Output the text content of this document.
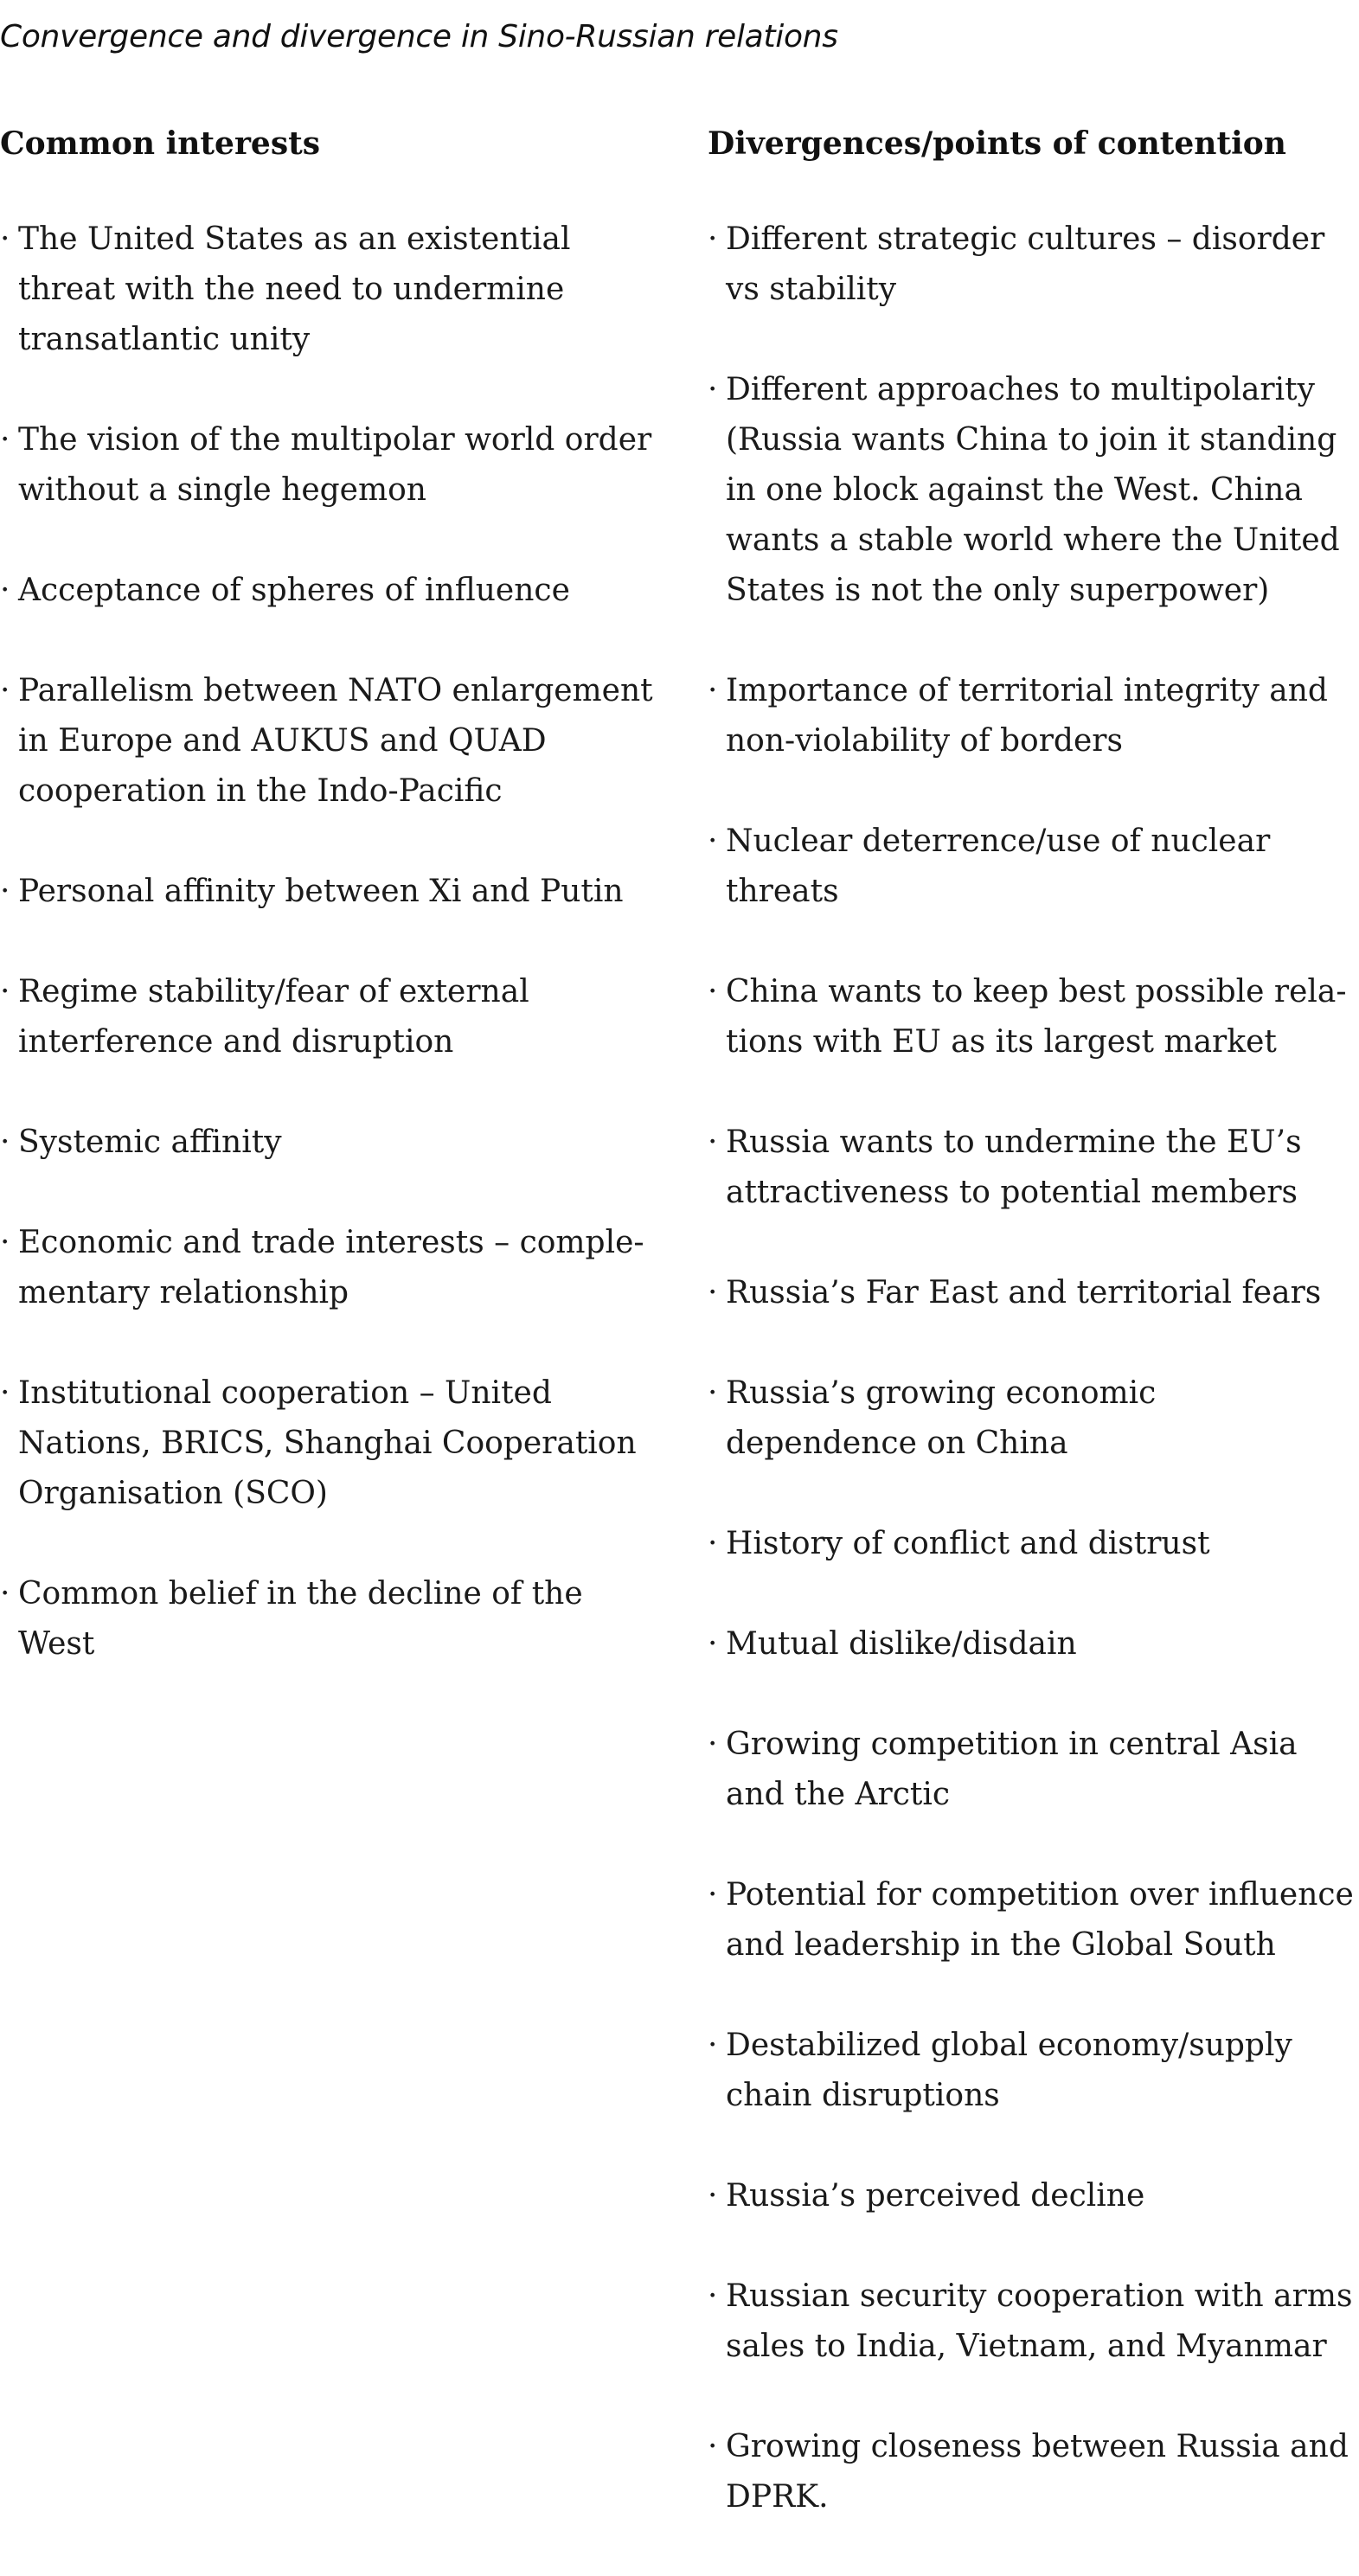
Convergence and divergence in Sino-Russian relations
Common interests
· The United States as an existential threat with the need to undermine transatlantic unity
· The vision of the multipolar world order without a single hegemon
· Acceptance of spheres of influence
· Parallelism between NATO enlargement in Europe and AUKUS and QUAD cooperation in the Indo-Pacific
· Personal affinity between Xi and Putin
· Regime stability/fear of external interference and disruption
· Systemic affinity
· Economic and trade interests – complementary relationship
· Institutional cooperation – United Nations, BRICS, Shanghai Cooperation Organisation (SCO)
· Common belief in the decline of the West
Divergences/points of contention
· Different strategic cultures – disorder vs stability
· Different approaches to multipolarity (Russia wants China to join it standing in one block against the West. China wants a stable world where the United States is not the only superpower)
· Importance of territorial integrity and non-violability of borders
· Nuclear deterrence/use of nuclear threats
· China wants to keep best possible relations with EU as its largest market
· Russia wants to undermine the EU’s attractiveness to potential members
· Russia’s Far East and territorial fears
· Russia’s growing economic dependence on China
· History of conflict and distrust
· Mutual dislike/disdain
· Growing competition in central Asia and the Arctic
· Potential for competition over influence and leadership in the Global South
· Destabilized global economy/supply chain disruptions
· Russia’s perceived decline
· Russian security cooperation with arms sales to India, Vietnam, and Myanmar
· Growing closeness between Russia and DPRK.
